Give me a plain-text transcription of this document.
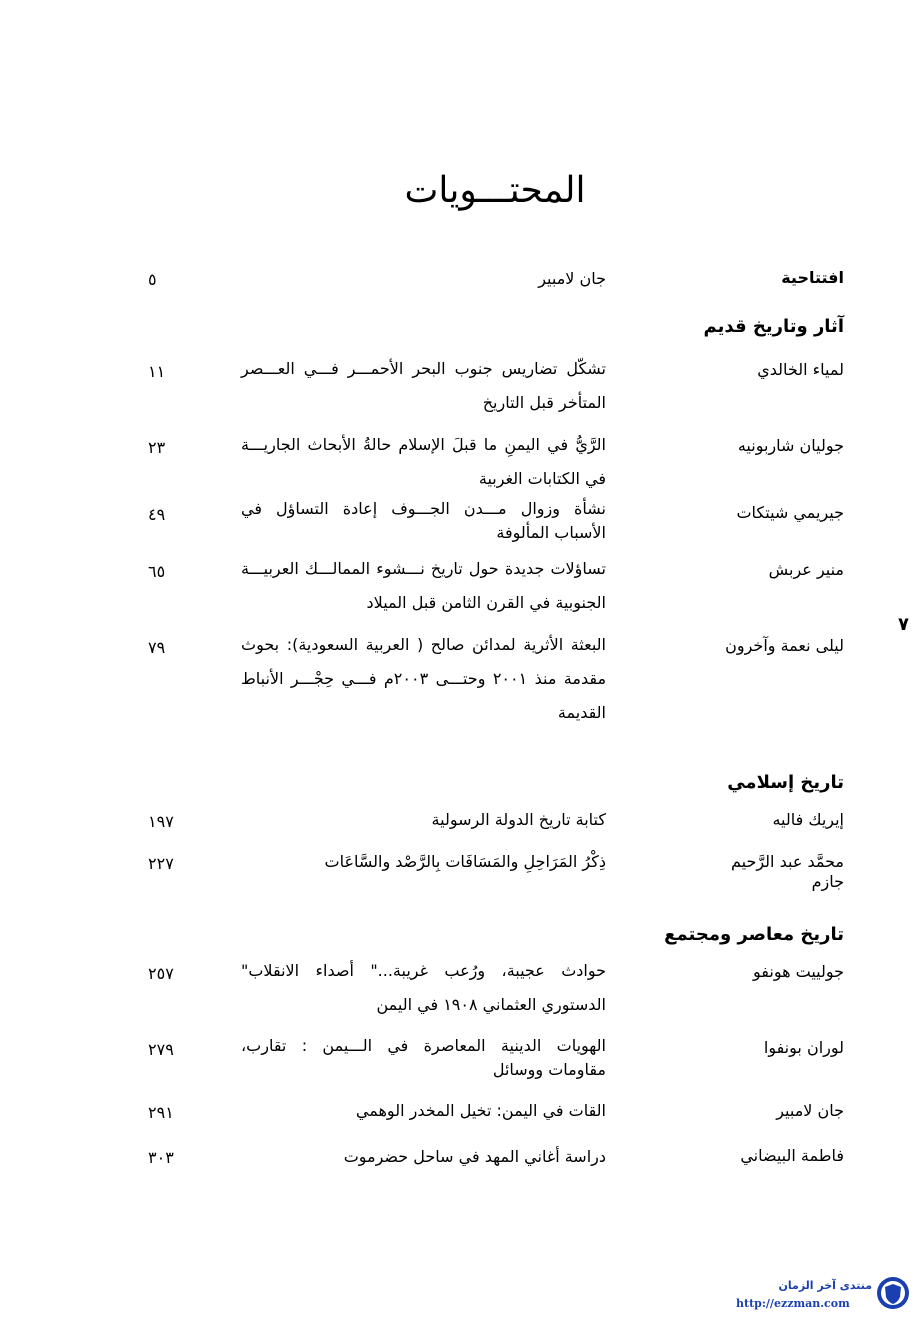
المحتـــويات
افتتاحية
جان لامبير
٥
آثار وتاريخ قديم
لمياء الخالدي
تشكّل تضاريس جنوب البحر الأحمـــر فـــي العـــصر المتأخر قبل التاريخ
١١
جوليان شاربونيه
الرَّيُّ في اليمنِ ما قبلَ الإسلام حالةُ الأبحاث الجاريـــة في الكتابات الغربية
٢٣
جيريمي شيتكات
نشأة وزوال مـــدن الجـــوف إعادة التساؤل في الأسباب المألوفة
٤٩
منير عربش
تساؤلات جديدة حول تاريخ نـــشوء الممالـــك العربيـــة الجنوبية في القرن الثامن قبل الميلاد
٦٥
ليلى نعمة وآخرون
البعثة الأثرية لمدائن صالح ( العربية السعودية): بحوث مقدمة منذ ٢٠٠١ وحتـــى ٢٠٠٣م فـــي حِجْـــر الأنباط القديمة
٧٩
تاريخ إسلامي
إيريك فاليه
كتابة تاريخ الدولة الرسولية
١٩٧
محمَّد عبد الرَّحيم جازم
ذِكْرُ المَرَاحِلِ والمَسَافَات بِالرَّصْد والسَّاعَات
٢٢٧
تاريخ معاصر ومجتمع
جولييت هونفو
"حوادث عجيبة، ورُعب غريبة..." أصداء الانقلاب الدستوري العثماني ١٩٠٨ في اليمن
٢٥٧
لوران بونفوا
الهويات الدينية المعاصرة في الـــيمن : تقارب، مقاومات ووسائل
٢٧٩
جان لامبير
القات في اليمن: تخيل المخدر الوهمي
٢٩١
فاطمة البيضاني
دراسة أغاني المهد في ساحل حضرموت
٣٠٣
٧
منتدى آخر الزمان
http://ezzman.com
